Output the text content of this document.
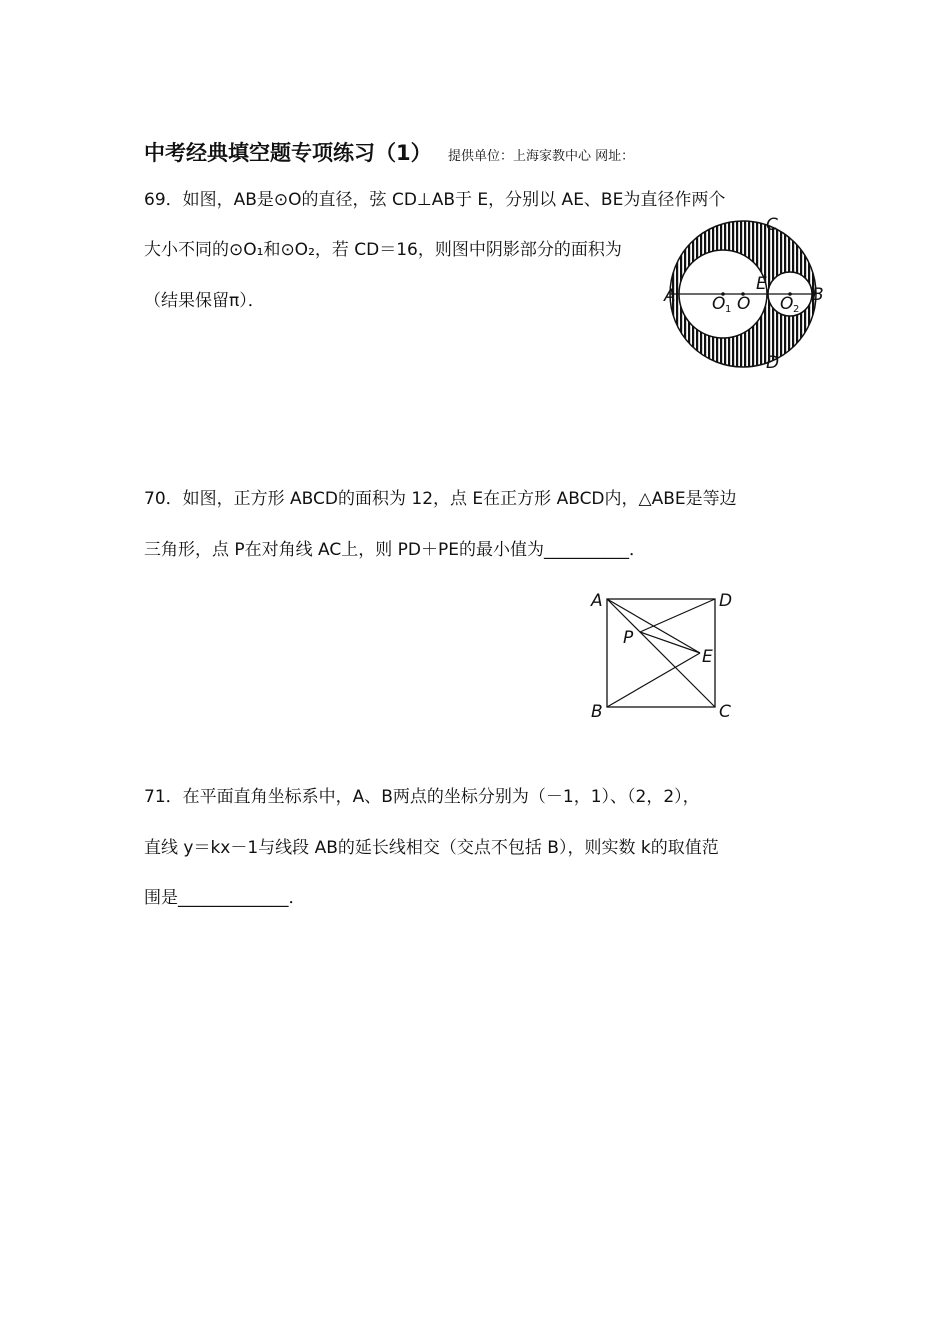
中考经典填空题专项练习（1） 提供单位：上海家教中心 网址：
69．如图，AB是⊙O的直径，弦 CD⊥AB于 E，分别以 AE、BE为直径作两个
大小不同的⊙O₁和⊙O₂，若 CD＝16，则图中阴影部分的面积为
（结果保留π）．	A	B
C
D
E
O
O 1	O 2
70．如图，正方形 ABCD的面积为 12，点 E在正方形 ABCD内，△ABE是等边
三角形，点 P在对角线 AC上，则 PD＋PE的最小值为__________．
A	D
B	C
E
P
71．在平面直角坐标系中，A、B两点的坐标分别为（－1，1）、（2，2），
直线 y＝kx－1与线段 AB的延长线相交（交点不包括 B），则实数 k的取值范
围是_____________．
